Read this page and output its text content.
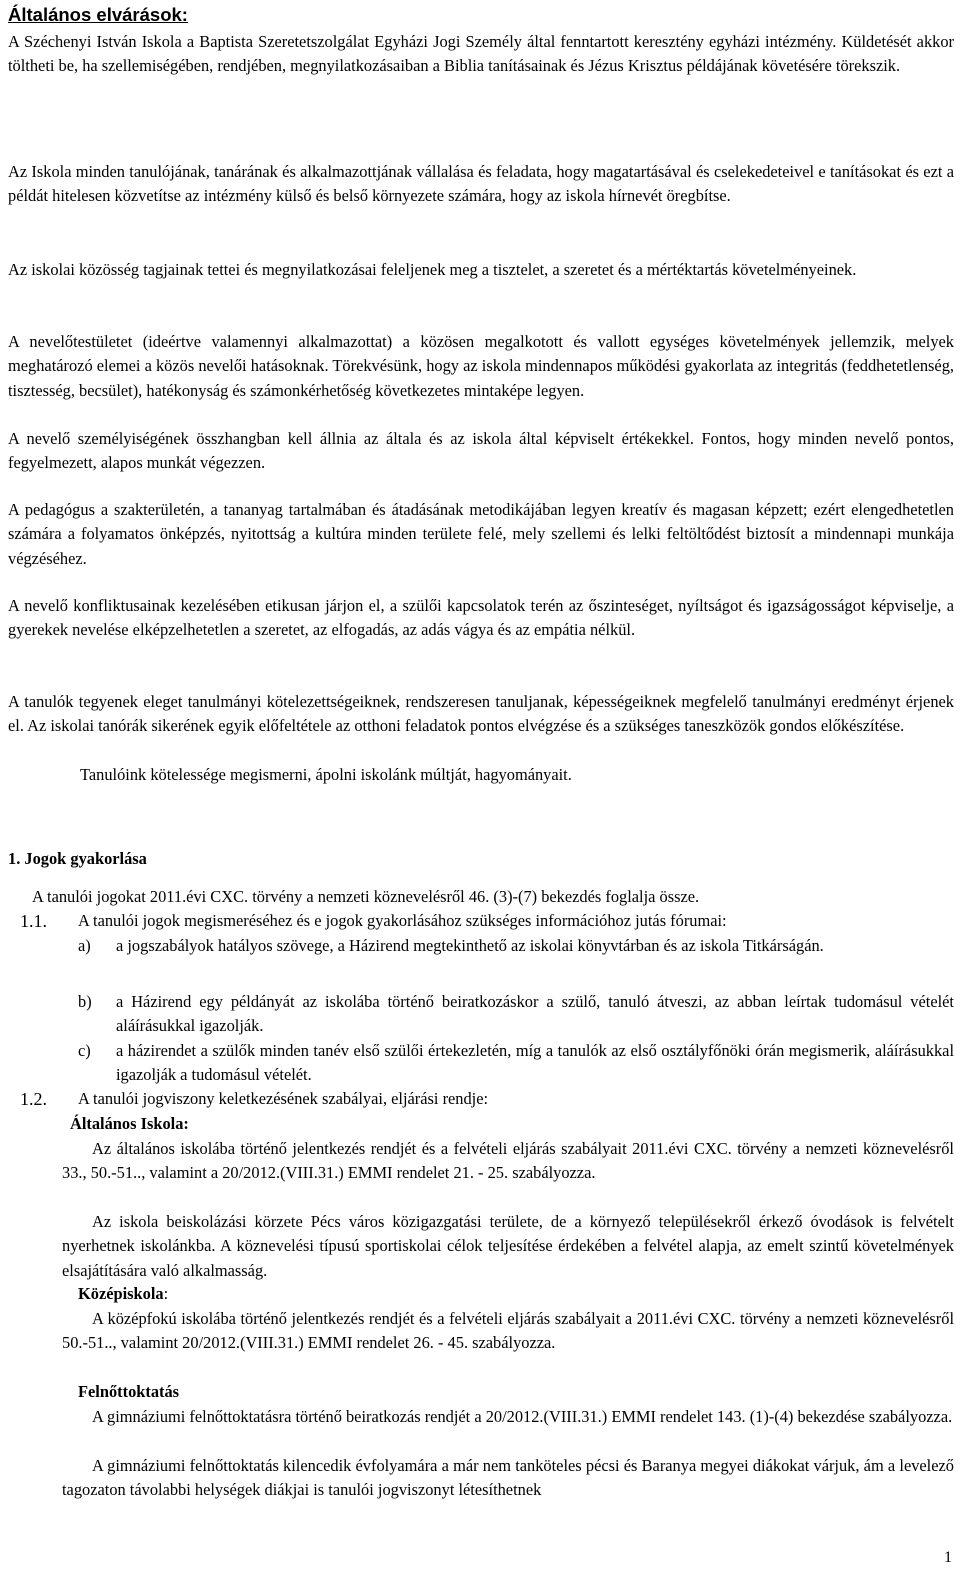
Általános elvárások:

A Széchenyi István Iskola a Baptista Szeretetszolgálat Egyházi Jogi Személy által fenntartott keresztény egyházi intézmény. Küldetését akkor töltheti be, ha szellemiségében, rendjében, megnyilatkozásaiban a Biblia tanításainak és Jézus Krisztus példájának követésére törekszik.

Az Iskola minden tanulójának, tanárának és alkalmazottjának vállalása és feladata, hogy magatartásával és cselekedeteivel e tanításokat és ezt a példát hitelesen közvetítse az intézmény külső és belső környezete számára, hogy az iskola hírnevét öregbítse.

Az iskolai közösség tagjainak tettei és megnyilatkozásai feleljenek meg a tisztelet, a szeretet és a mértéktartás követelményeinek.

A nevelőtestületet (ideértve valamennyi alkalmazottat) a közösen megalkotott és vallott egységes követelmények jellemzik, melyek meghatározó elemei a közös nevelői hatásoknak. Törekvésünk, hogy az iskola mindennapos működési gyakorlata az integritás (feddhetetlenség, tisztesség, becsület), hatékonyság és számonkérhetőség következetes mintaképe legyen.

A nevelő személyiségének összhangban kell állnia az általa és az iskola által képviselt értékekkel. Fontos, hogy minden nevelő pontos, fegyelmezett, alapos munkát végezzen.

A pedagógus a szakterületén, a tananyag tartalmában és átadásának metodikájában legyen kreatív és magasan képzett; ezért elengedhetetlen számára a folyamatos önképzés, nyitottság a kultúra minden területe felé, mely szellemi és lelki feltöltődést biztosít a mindennapi munkája végzéséhez.

A nevelő konfliktusainak kezelésében etikusan járjon el, a szülői kapcsolatok terén az őszinteséget, nyíltságot és igazságosságot képviselje, a gyerekek nevelése elképzelhetetlen a szeretet, az elfogadás, az adás vágya és az empátia nélkül.

A tanulók tegyenek eleget tanulmányi kötelezettségeiknek, rendszeresen tanuljanak, képességeiknek megfelelő tanulmányi eredményt érjenek el. Az iskolai tanórák sikerének egyik előfeltétele az otthoni feladatok pontos elvégzése és a szükséges taneszközök gondos előkészítése.

Tanulóink kötelessége megismerni, ápolni iskolánk múltját, hagyományait.

1. Jogok gyakorlása

A tanulói jogokat 2011.évi CXC. törvény a nemzeti köznevelésről 46. (3)-(7) bekezdés foglalja össze.

1.1. A tanulói jogok megismeréséhez és e jogok gyakorlásához szükséges információhoz jutás fórumai:

a) a jogszabályok hatályos szövege, a Házirend megtekinthető az iskolai könyvtárban és az iskola Titkárságán.
b) a Házirend egy példányát az iskolába történő beiratkozáskor a szülő, tanuló átveszi, az abban leírtak tudomásul vételét aláírásukkal igazolják.
c) a házirendet a szülők minden tanév első szülői értekezletén, míg a tanulók az első osztályfőnöki órán megismerik, aláírásukkal igazolják a tudomásul vételét.

1.2. A tanulói jogviszony keletkezésének szabályai, eljárási rendje:

Általános Iskola:

Az általános iskolába történő jelentkezés rendjét és a felvételi eljárás szabályait 2011.évi CXC. törvény a nemzeti köznevelésről 33., 50.-51.., valamint a 20/2012.(VIII.31.) EMMI rendelet 21. - 25. szabályozza.

Az iskola beiskolázási körzete Pécs város közigazgatási területe, de a környező településekről érkező óvodások is felvételt nyerhetnek iskolánkba. A köznevelési típusú sportiskolai célok teljesítése érdekében a felvétel alapja, az emelt szintű követelmények elsajátítására való alkalmasság.

Középiskola:

A középfokú iskolába történő jelentkezés rendjét és a felvételi eljárás szabályait a 2011.évi CXC. törvény a nemzeti köznevelésről 50.-51.., valamint 20/2012.(VIII.31.) EMMI rendelet 26. - 45. szabályozza.

Felnőttoktatás

A gimnáziumi felnőttoktatásra történő beiratkozás rendjét a 20/2012.(VIII.31.) EMMI rendelet 143. (1)-(4) bekezdése szabályozza.

A gimnáziumi felnőttoktatás kilencedik évfolyamára a már nem tanköteles pécsi és Baranya megyei diákokat várjuk, ám a levelező tagozaton távolabbi helységek diákjai is tanulói jogviszonyt létesíthetnek

1
